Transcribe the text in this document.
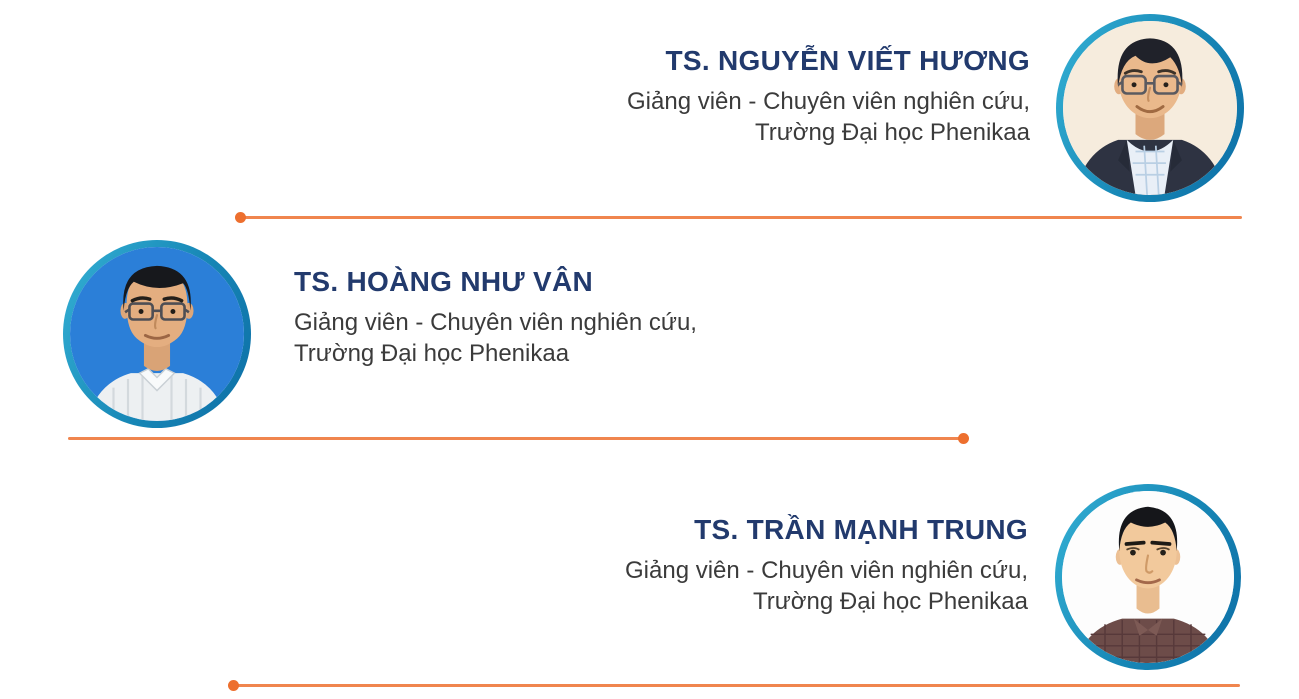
TS. NGUYỄN VIẾT HƯƠNG

Giảng viên - Chuyên viên nghiên cứu,

Trường Đại học Phenikaa

TS. HOÀNG NHƯ VÂN

Giảng viên - Chuyên viên nghiên cứu,

Trường Đại học Phenikaa

TS. TRẦN MẠNH TRUNG

Giảng viên - Chuyên viên nghiên cứu,

Trường Đại học Phenikaa
